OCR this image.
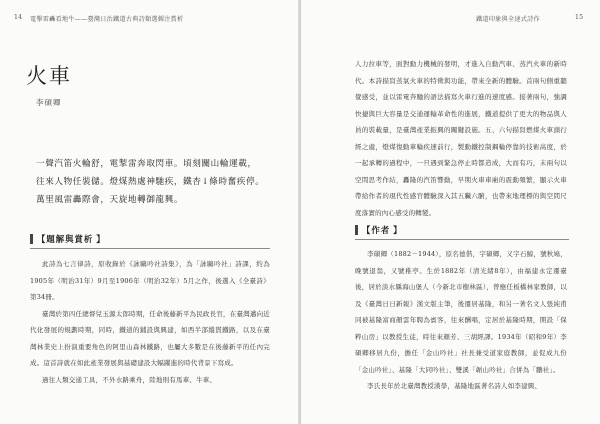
14 電擊雷轟看地牛——臺灣日治鐵道古典詩類選輯注賞析
火車
李碩卿
一聲汽笛火輪舒，電掣雷奔取閃車。頃刻關山輪運載，
往來人物任裝儲。燈煤熱處神馳疾，鐵杏↓條時奮疾停。
萬里風雷轟際會，天旋地轉御龍興。
【 題解與賞析 】

此詩為七言律詩，原收錄於《詠鷗吟社詩集》，為「詠鷗吟社」詩課，約為1905年（明治31年）9月至1906年（明治32年）5月之作，後選入《全臺詩》第34冊。

臺灣於第四任總督兒玉源太郎時期，任命後藤新平為民政長官，在臺灣邁向近代化發展的規劃時期，同時，鐵道的鋪設與興建，如西半部縱貫鐵路，以及在臺灣林業史上扮演重要角色的阿里山森林鐵路，也屬大多數是在後藤新平的任內完成。這首詩就在如此產業發展與基礎建設大幅躍進的時代背景下寫成。

過往人類交通工具，不外水路乘舟，陸地則有馬車、牛車、

鐵道印象與全速式詩作	15

人力拉車等，面對動力機械的發明，才進入自動汽車、蒸汽火車的新時代。本詩描寫蒸氣火車的特徵與功能，帶來全新的體驗。首兩句側重聽覺感受，並以雷電奔馳的語法描寫火車行進的速度感。接著兩句，強調快捷與巨大容量是交通運輸革命性的進展，鐵道提供了更大的物品與人員的裝載量，是臺灣產業振興的關鍵設施。五、六句描寫燃煤火車頭行經之處，燈煤復動車輪疾速前行，製動鐵控制鋼輪停靠的技術高度，於一起承轉的過程中，一旦遇到緊急停止時都造成，大而有巧，末兩句以空間思考作結，轟隆的汽笛響動，早期火車車廂的震動頻繁，顯示火車帶給作者的現代性感官體驗深入其五臟六腑，也帶來地理標的與空間尺度落實的內心感受的轉變。

【 作者 】

李碩卿（1882－1944），原名德偕，字碩卿，又字石鯨，號秋鳩，晚號退翁，又號稚亭。生於1882年（清光緒8年），由福建永定遷臺後，居於淡水縣海山堡人（今新北市樹林區），曾應任板橋林家教師，以及《臺灣日日新報》漢文版主筆，後遷居基隆，和另一著名文人張純甫同被基隆富商顏雲年聘為賓客，往來酬唱，定居於基隆時期，開設「保粹山房」以教授生徒，時往來顏芳、三胡經譯。1934年（昭和9年）李碩卿移居九份，擔任「金山吟社」社長兼受道家庭教師，並促成九份「金山吟社」、基隆「大同吟社」、雙溪「韜山吟社」合併為「鵬社」。

李氏長年於北臺灣教授漢學，基隆地區著名詩人如李建興、
